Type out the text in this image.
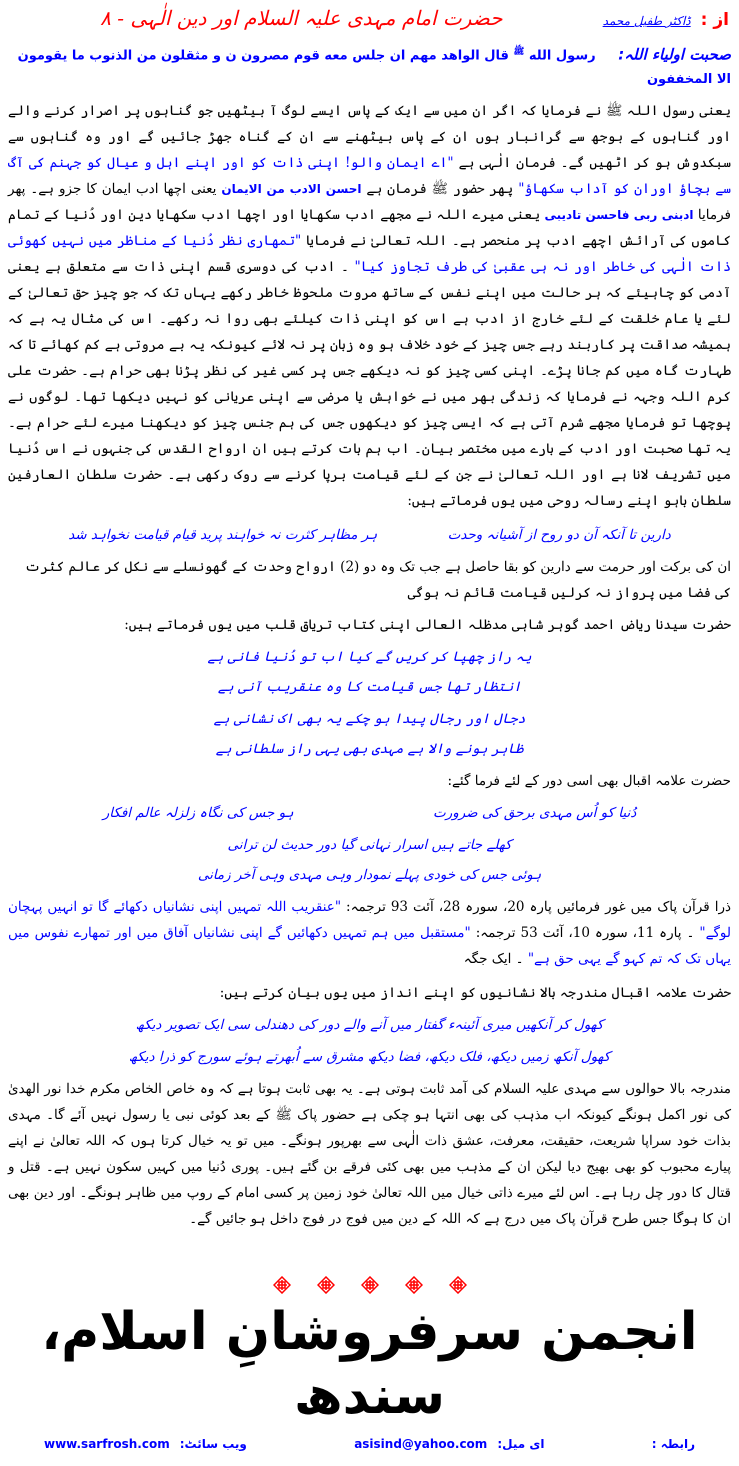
از :
ڈاکٹر طفیل محمد
حضرت امام مہدی علیہ السلام اور دین الٰہی - ۸
صحبت اولیاء اللہ:     رسول الله ﷺ قال الواهد مهم ان جلس معه قوم مصرون ن و مثقلون من الذنوب ما يقومون الا المخففون
یعنی رسول اللہ ﷺ نے فرمایا کہ اگر ان میں سے ایک کے پاس ایسے لوگ آ بیٹھیں جو گناہوں پر اصرار کرنے والے اور گناہوں کے بوجھ سے گرانبار ہوں ان کے پاس بیٹھنے سے ان کے گناہ جھڑ جائیں گے اور وہ گناہوں سے سبکدوش ہو کر اٹھیں گے۔ فرمان الٰہی ہے "اے ایمان والو! اپنی ذات کو اور اپنے اہل و عیال کو جہنم کی آگ سے بچاؤ اوران کو آداب سکھاؤ" پھر حضور ﷺ فرمان ہے احسن الادب من الایمان یعنی اچھا ادب ایمان کا جزو ہے۔ پھر فرمایا ادبنی ربی فاحسن تادیبی یعنی میرے اللہ نے مجھے ادب سکھایا اور اچھا ادب سکھایا دین اور دُنیا کے تمام کاموں کی آرائش اچھے ادب پر منحصر ہے۔ اللہ تعالیٰ نے فرمایا "تمھاری نظر دُنیا کے مناظر میں نہیں کھوئی ذات الٰہی کی خاطر اور نہ ہی عقبیٰ کی طرف تجاوز کیا" ۔ ادب کی دوسری قسم اپنی ذات سے متعلق ہے یعنی آدمی کو چاہیئے کہ ہر حالت میں اپنے نفس کے ساتھ مروت ملحوظ خاطر رکھے یہاں تک کہ جو چیز حق تعالیٰ کے لئے یا عام خلقت کے لئے خارج از ادب ہے اس کو اپنی ذات کیلئے بھی روا نہ رکھے۔ اس کی مثال یہ ہے کہ ہمیشہ صداقت پر کاربند رہے جس چیز کے خود خلاف ہو وہ زبان پر نہ لائے کیونکہ یہ بے مروتی ہے کم کھائے تا کہ طہارت گاہ میں کم جانا پڑے۔ اپنی کسی چیز کو نہ دیکھے جس پر کسی غیر کی نظر پڑنا بھی حرام ہے۔ حضرت علی کرم اللہ وجہہ نے فرمایا کہ زندگی بھر میں نے خواہش یا مرضی سے اپنی عریانی کو نہیں دیکھا تھا۔ لوگوں نے پوچھا تو فرمایا مجھے شرم آتی ہے کہ ایسی چیز کو دیکھوں جس کی ہم جنس چیز کو دیکھنا میرے لئے حرام ہے۔ یہ تھا صحبت اور ادب کے بارے میں مختصر بیان۔ اب ہم بات کرتے ہیں ان ارواح القدس کی جنہوں نے اس دُنیا میں تشریف لانا ہے اور اللہ تعالیٰ نے جن کے لئے قیامت برپا کرنے سے روک رکھی ہے۔ حضرت سلطان العارفین سلطان باہو اپنے رسالہ روحی میں یوں فرماتے ہیں:
دارین تا آنکہ آن دو روح از آشیانہ وحدت
ہر مظاہر کثرت نہ خواہند پرید قیام قیامت نخواہد شد
ان کی برکت اور حرمت سے دارین کو بقا حاصل ہے جب تک وہ دو (2) ارواح وحدت کے گھونسلے سے نکل کر عالم کثرت کی فضا میں پرواز نہ کرلیں قیامت قائم نہ ہوگی
حضرت سیدنا ریاض احمد گوہر شاہی مدظلہ العالی اپنی کتاب تریاق قلب میں یوں فرماتے ہیں:
یہ راز چھپا کر کریں گے کیا اب تو دُنیا فانی ہے
انتظار تھا جس قیامت کا وہ عنقریب آنی ہے
دجال اور رجال پیدا ہو چکے یہ بھی اک نشانی ہے
ظاہر ہونے والا ہے مہدی بھی یہی راز سلطانی ہے
حضرت علامہ اقبال بھی اسی دور کے لئے فرما گئے:
دُنیا کو اُس مہدی برحق کی ضرورت
ہو جس کی نگاہ زلزلہ عالم افکار
کھلے جاتے ہیں اسرار نہانی گیا دور حدیث لن ترانی
ہوئی جس کی خودی پہلے نمودار وہی مہدی وہی آخر زمانی
ذرا قرآن پاک میں غور فرمائیں پارہ 20، سورہ 28، آئت 93 ترجمہ: "عنقریب اللہ تمہیں اپنی نشانیاں دکھائے گا تو انہیں پہچان لوگے" ۔ پارہ 11، سورہ 10، آئت 53 ترجمہ: "مستقبل میں ہم تمہیں دکھائیں گے اپنی نشانیاں آفاق میں اور تمھارے نفوس میں یہاں تک کہ تم کہو گے یہی حق ہے" ۔ ایک جگہ
حضرت علامہ اقبال مندرجہ بالا نشانیوں کو اپنے انداز میں یوں بیان کرتے ہیں:
کھول کر آنکھیں میری آئینہء گفتار میں آنے والے دور کی دھندلی سی ایک تصویر دیکھ
کھول آنکھ زمیں دیکھ، فلک دیکھ، فضا دیکھ مشرق سے اُبھرتے ہوئے سورج کو ذرا دیکھ
مندرجہ بالا حوالوں سے مہدی علیہ السلام کی آمد ثابت ہوتی ہے۔ یہ بھی ثابت ہوتا ہے کہ وہ خاص الخاص مکرم خدا نور الھدیٰ کی نور اکمل ہونگے کیونکہ اب مذہب کی بھی انتہا ہو چکی ہے حضور پاک ﷺ کے بعد کوئی نبی یا رسول نہیں آئے گا۔ مہدی بذات خود سراپا شریعت، حقیقت، معرفت، عشق ذات الٰہی سے بھرپور ہونگے۔ میں تو یہ خیال کرتا ہوں کہ اللہ تعالیٰ نے اپنے پیارے محبوب کو بھی بھیج دیا لیکن ان کے مذہب میں بھی کئی فرقے بن گئے ہیں۔ پوری دُنیا میں کہیں سکون نہیں ہے۔ قتل و قتال کا دور چل رہا ہے۔ اس لئے میرے ذاتی خیال میں اللہ تعالیٰ خود زمین پر کسی امام کے روپ میں ظاہر ہونگے۔ اور دین بھی ان کا ہوگا جس طرح قرآن پاک میں درج ہے کہ اللہ کے دین میں فوج در فوج داخل ہو جائیں گے۔
انجمن سرفروشانِ اسلام، سندھ
رابطہ :
ای میل:
asisind@yahoo.com
ویب سائٹ:
www.sarfrosh.com
